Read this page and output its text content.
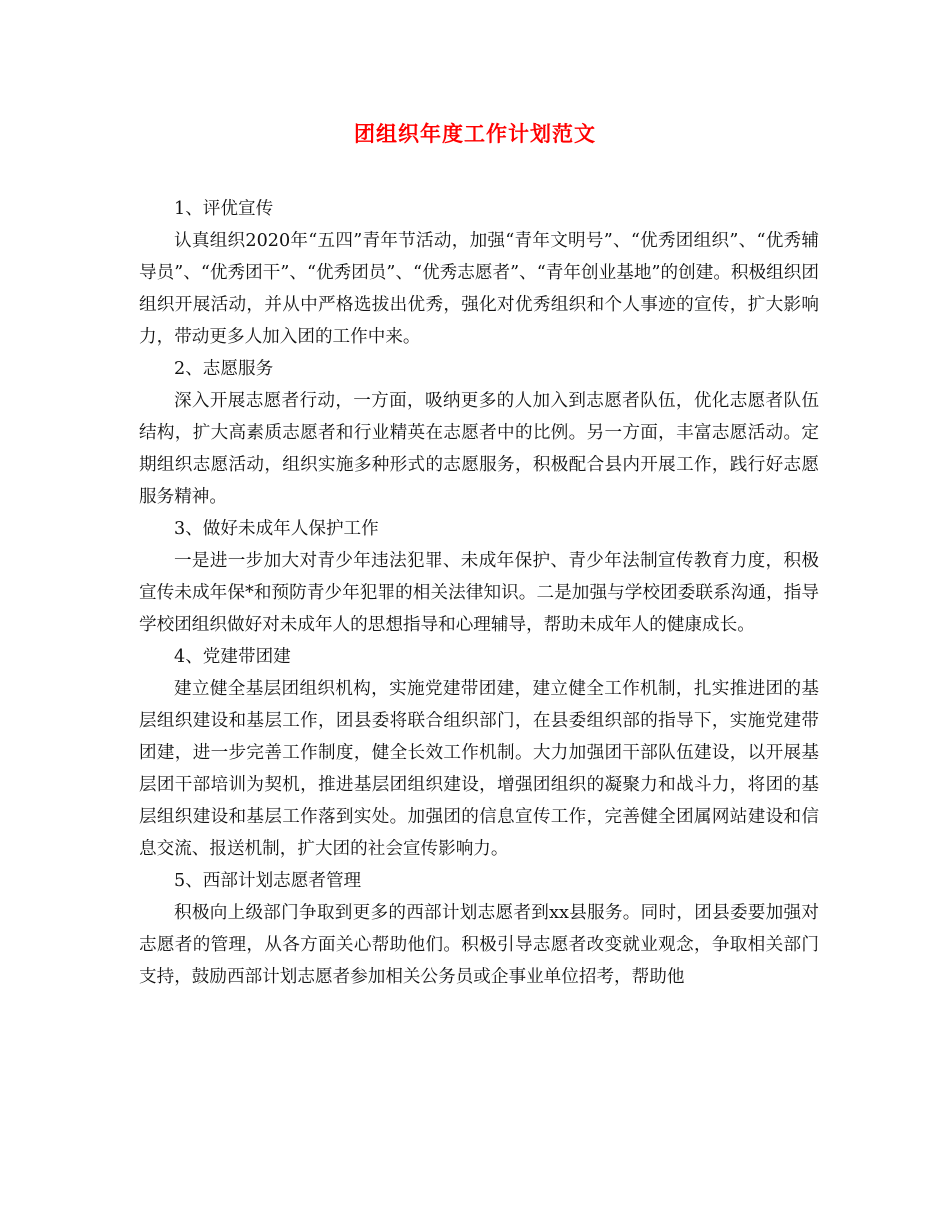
团组织年度工作计划范文

1、评优宣传

认真组织2020年“五四”青年节活动，加强“青年文明号”、“优秀团组织”、“优秀辅导员”、“优秀团干”、“优秀团员”、“优秀志愿者”、“青年创业基地”的创建。积极组织团组织开展活动，并从中严格选拔出优秀，强化对优秀组织和个人事迹的宣传，扩大影响力，带动更多人加入团的工作中来。

2、志愿服务

深入开展志愿者行动，一方面，吸纳更多的人加入到志愿者队伍，优化志愿者队伍结构，扩大高素质志愿者和行业精英在志愿者中的比例。另一方面，丰富志愿活动。定期组织志愿活动，组织实施多种形式的志愿服务，积极配合县内开展工作，践行好志愿服务精神。

3、做好未成年人保护工作

一是进一步加大对青少年违法犯罪、未成年保护、青少年法制宣传教育力度，积极宣传未成年保*和预防青少年犯罪的相关法律知识。二是加强与学校团委联系沟通，指导学校团组织做好对未成年人的思想指导和心理辅导，帮助未成年人的健康成长。

4、党建带团建

建立健全基层团组织机构，实施党建带团建，建立健全工作机制，扎实推进团的基层组织建设和基层工作，团县委将联合组织部门，在县委组织部的指导下，实施党建带团建，进一步完善工作制度，健全长效工作机制。大力加强团干部队伍建设，以开展基层团干部培训为契机，推进基层团组织建设，增强团组织的凝聚力和战斗力，将团的基层组织建设和基层工作落到实处。加强团的信息宣传工作，完善健全团属网站建设和信息交流、报送机制，扩大团的社会宣传影响力。

5、西部计划志愿者管理

积极向上级部门争取到更多的西部计划志愿者到xx县服务。同时，团县委要加强对志愿者的管理，从各方面关心帮助他们。积极引导志愿者改变就业观念，争取相关部门支持，鼓励西部计划志愿者参加相关公务员或企事业单位招考，帮助他
